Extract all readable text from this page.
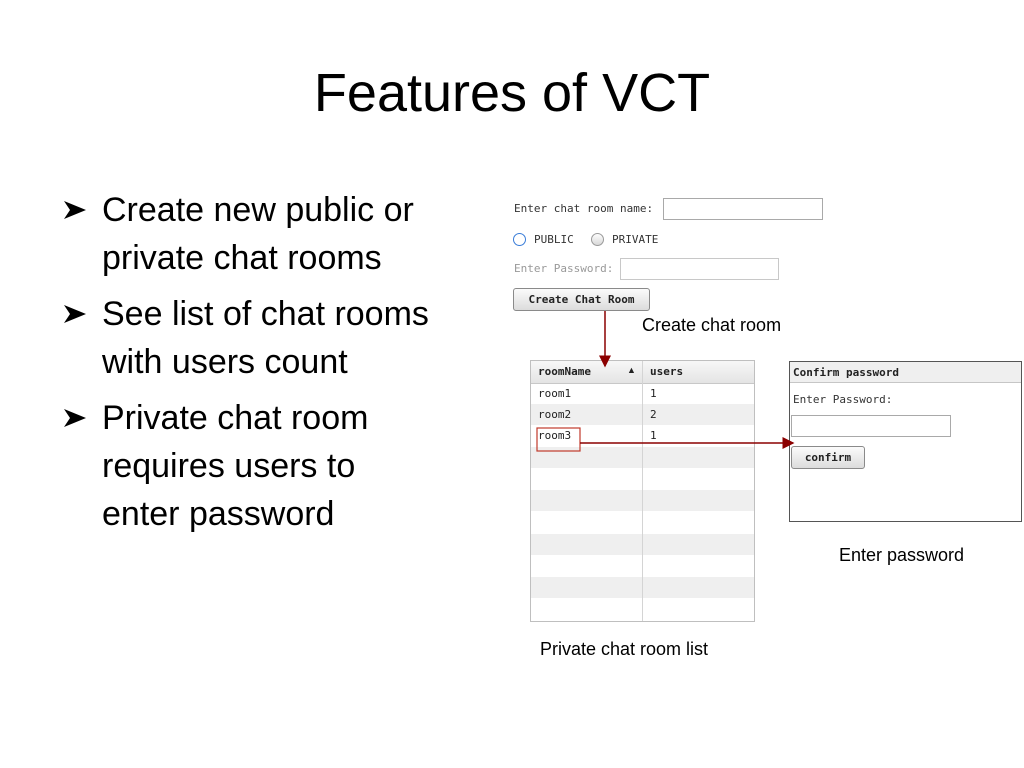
Features of VCT
Create new public or
private chat rooms
See list of chat rooms
with users count
Private chat room
requires users to
enter password
Enter chat room name:
PUBLIC	PRIVATE
Enter Password:
Create Chat Room
Create chat room
roomName	▲ users
room1	1
room2	2
room3	1
Private chat room list
Confirm password
Enter Password:
confirm
Enter password
